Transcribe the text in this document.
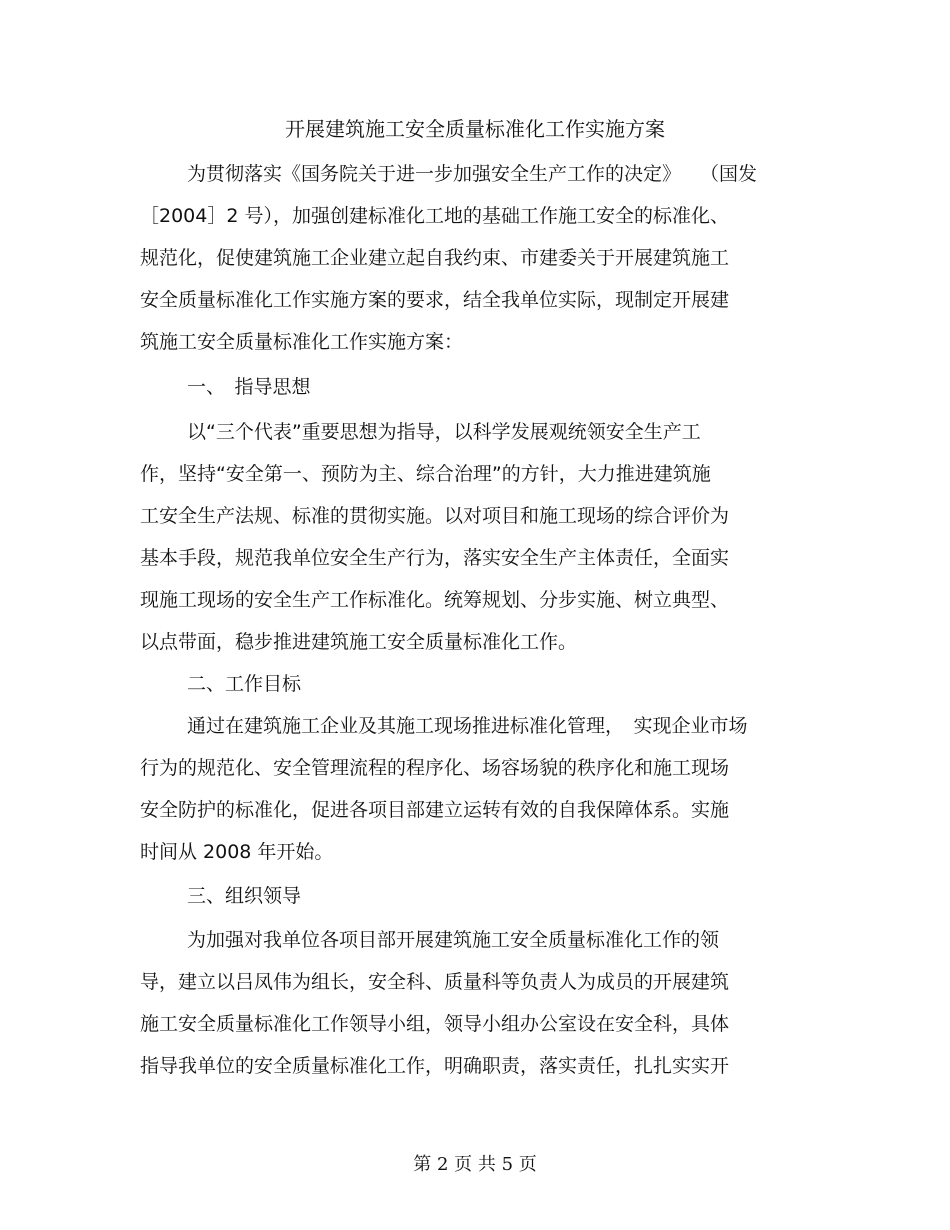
开展建筑施工安全质量标准化工作实施方案
为贯彻落实《国务院关于进一步加强安全生产工作的决定》　　（国发
［2004］2 号），加强创建标准化工地的基础工作施工安全的标准化、
规范化，促使建筑施工企业建立起自我约束、市建委关于开展建筑施工
安全质量标准化工作实施方案的要求，结全我单位实际，现制定开展建
筑施工安全质量标准化工作实施方案：
一、　指导思想
以“三个代表”重要思想为指导，以科学发展观统领安全生产工
作，坚持“安全第一、预防为主、综合治理”的方针，大力推进建筑施
工安全生产法规、标准的贯彻实施。以对项目和施工现场的综合评价为
基本手段，规范我单位安全生产行为，落实安全生产主体责任，全面实
现施工现场的安全生产工作标准化。统筹规划、分步实施、树立典型、
以点带面，稳步推进建筑施工安全质量标准化工作。
二、工作目标
通过在建筑施工企业及其施工现场推进标准化管理，　实现企业市场
行为的规范化、安全管理流程的程序化、场容场貌的秩序化和施工现场
安全防护的标准化，促进各项目部建立运转有效的自我保障体系。实施
时间从 2008 年开始。
三、组织领导
为加强对我单位各项目部开展建筑施工安全质量标准化工作的领
导，建立以吕凤伟为组长，安全科、质量科等负责人为成员的开展建筑
施工安全质量标准化工作领导小组，领导小组办公室设在安全科，具体
指导我单位的安全质量标准化工作，明确职责，落实责任，扎扎实实开
第 2 页 共 5 页
